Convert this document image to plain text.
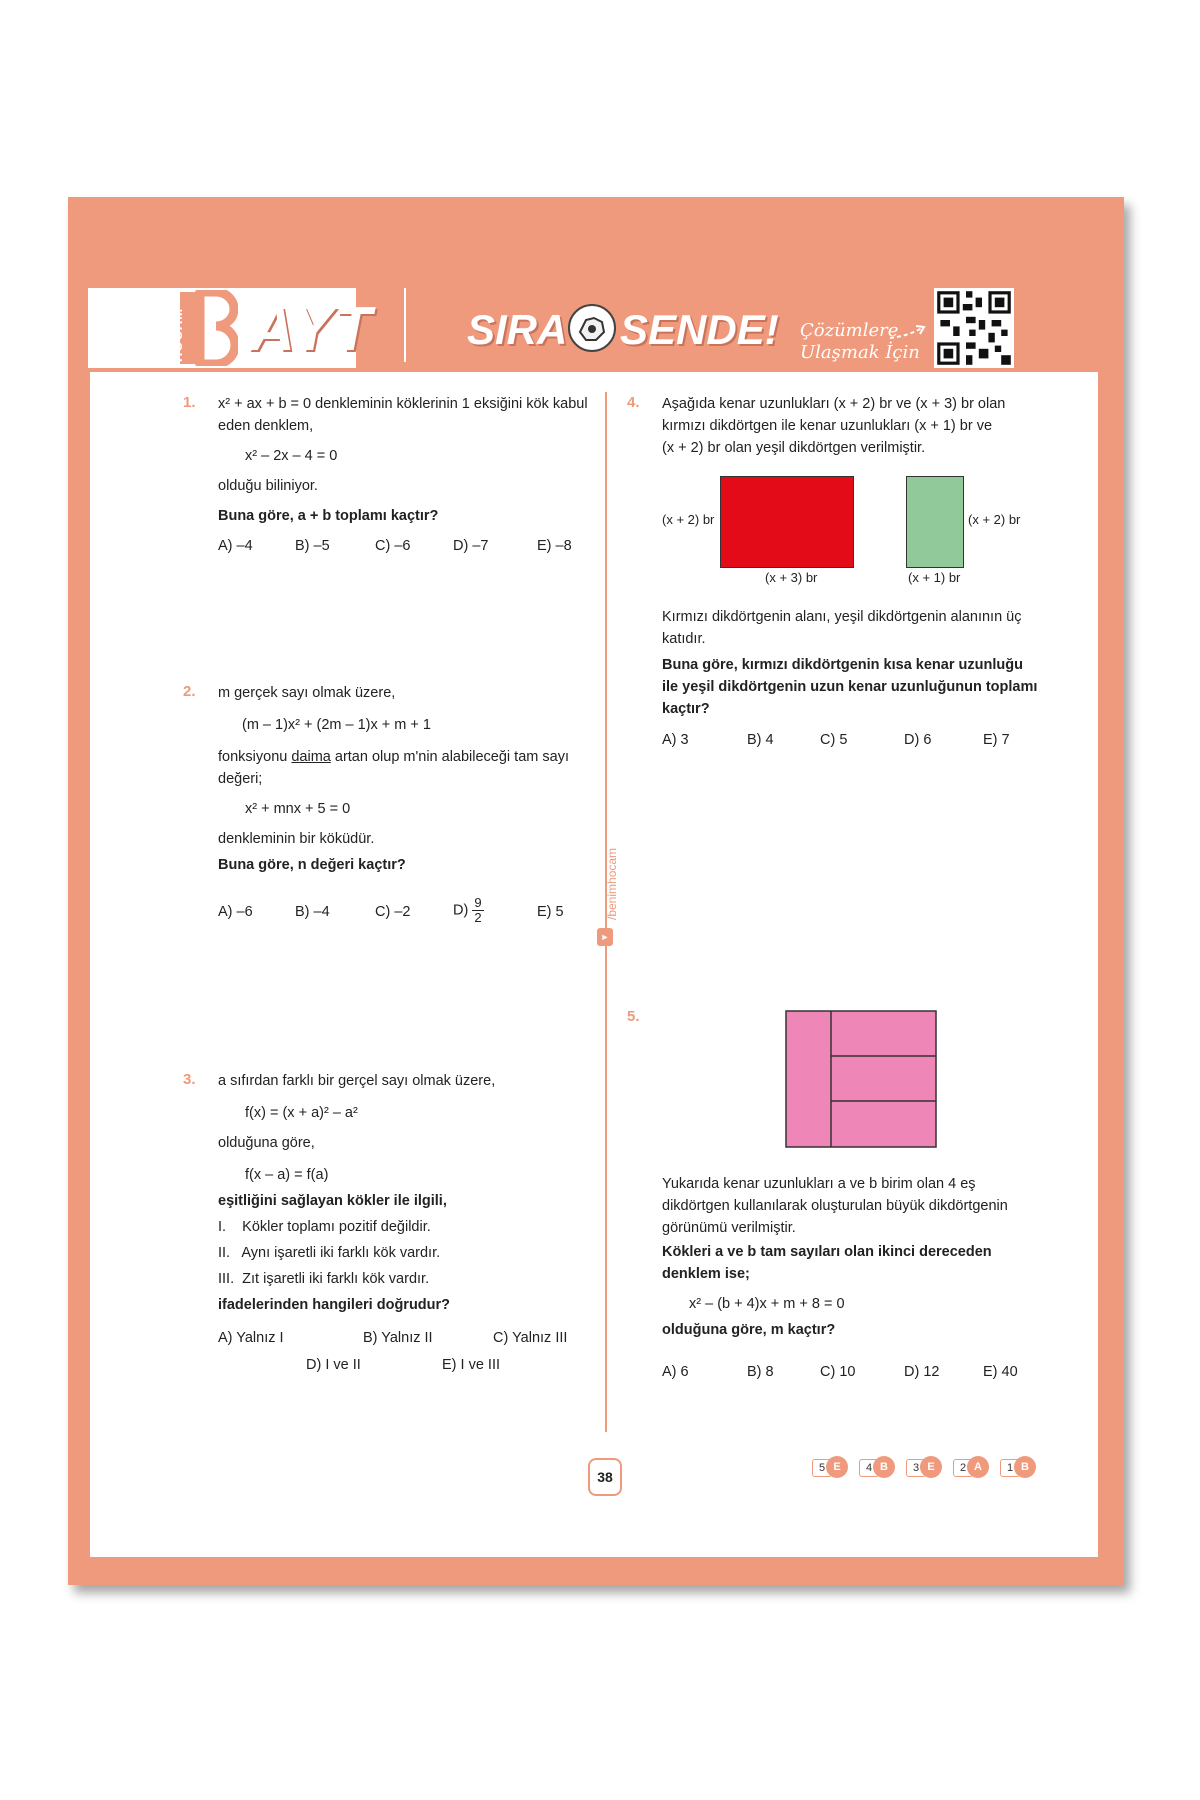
HOCAM AYT SIRA SENDE! Çözümlere
Ulaşmak İçin
/benimhocam
►
1. x² + ax + b = 0 denkleminin köklerinin 1 eksiğini kök kabul
eden denklem,
x² – 2x – 4 = 0
olduğu biliniyor.
Buna göre, a + b toplamı kaçtır?
A) –4	B) –5	C) –6	D) –7	E) –8
2. m gerçek sayı olmak üzere,
(m – 1)x² + (2m – 1)x + m + 1
fonksiyonu daima artan olup m'nin alabileceği tam sayı
değeri;
x² + mnx + 5 = 0
denkleminin bir köküdür.
Buna göre, n değeri kaçtır?
A) –6	B) –4	C) –2	$D) \frac{9}{2}$	E) 5
3. a sıfırdan farklı bir gerçel sayı olmak üzere,
f(x) = (x + a)² – a²
olduğuna göre,
f(x – a) = f(a)
eşitliğini sağlayan kökler ile ilgili,
I.    Kökler toplamı pozitif değildir.
II.   Aynı işaretli iki farklı kök vardır.
III.  Zıt işaretli iki farklı kök vardır.
ifadelerinden hangileri doğrudur?
A) Yalnız I	B) Yalnız II	C) Yalnız III
D) I ve II	E) I ve III
4. Aşağıda kenar uzunlukları (x + 2) br ve (x + 3) br olan
kırmızı dikdörtgen ile kenar uzunlukları (x + 1) br ve
(x + 2) br olan yeşil dikdörtgen verilmiştir.
(x + 2) br
(x + 3) br
(x + 2) br
(x + 1) br
Kırmızı dikdörtgenin alanı, yeşil dikdörtgenin alanının üç
katıdır.
Buna göre, kırmızı dikdörtgenin kısa kenar uzunluğu
ile yeşil dikdörtgenin uzun kenar uzunluğunun toplamı
kaçtır?
A) 3	B) 4	C) 5	D) 6	E) 7
5.
Yukarıda kenar uzunlukları a ve b birim olan 4 eş
dikdörtgen kullanılarak oluşturulan büyük dikdörtgenin
görünümü verilmiştir.
Kökleri a ve b tam sayıları olan ikinci dereceden
denklem ise;
x² – (b + 4)x + m + 8 = 0
olduğuna göre, m kaçtır?
A) 6	B) 8	C) 10	D) 12	E) 40
38
5 E	4 B	3 E	2 A	1 B
